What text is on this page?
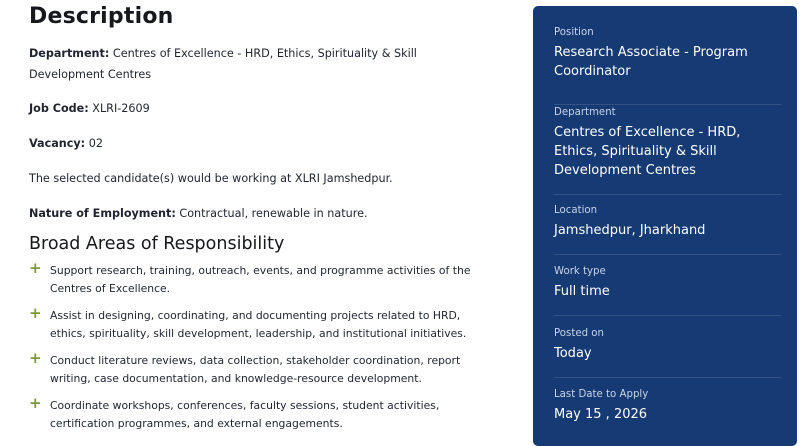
Description
Department: Centres of Excellence - HRD, Ethics, Spirituality & Skill Development Centres
Job Code: XLRI-2609
Vacancy: 02
The selected candidate(s) would be working at XLRI Jamshedpur.
Nature of Employment: Contractual, renewable in nature.
Broad Areas of Responsibility
+ Support research, training, outreach, events, and programme activities of the Centres of Excellence.
+ Assist in designing, coordinating, and documenting projects related to HRD, ethics, spirituality, skill development, leadership, and institutional initiatives.
+ Conduct literature reviews, data collection, stakeholder coordination, report writing, case documentation, and knowledge-resource development.
+ Coordinate workshops, conferences, faculty sessions, student activities, certification programmes, and external engagements.
Position
Research Associate - Program Coordinator
Department
Centres of Excellence - HRD, Ethics, Spirituality & Skill Development Centres
Location
Jamshedpur, Jharkhand
Work type
Full time
Posted on
Today
Last Date to Apply
May 15 , 2026
